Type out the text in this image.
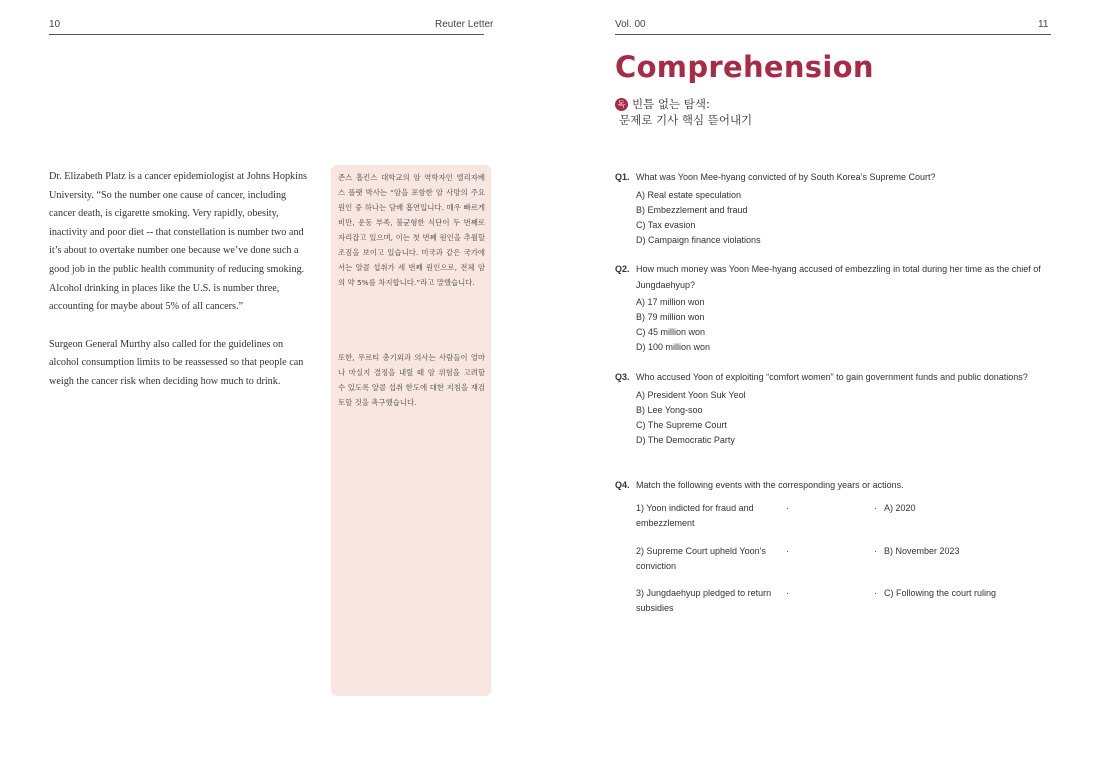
10	Reuter Letter

Dr. Elizabeth Platz is a cancer epidemiologist at Johns Hopkins University. “So the number one cause of cancer, including cancer death, is cigarette smoking. Very rapidly, obesity, inactivity and poor diet -- that constellation is number two and it’s about to overtake number one because we’ve done such a good job in the public health community of reducing smoking. Alcohol drinking in places like the U.S. is number three, accounting for maybe about 5% of all cancers.”

Surgeon General Murthy also called for the guidelines on alcohol consumption limits to be reassessed so that people can weigh the cancer risk when deciding how much to drink.

존스 홉킨스 대학교의 암 역학자인 엘리자베스 플랫 박사는 “암을 포함한 암 사망의 주요 원인 중 하나는 담배 흡연입니다. 매우 빠르게 비만, 운동 부족, 불균형한 식단이 두 번째로 자리잡고 있으며, 이는 첫 번째 원인을 추월할 조짐을 보이고 있습니다. 미국과 같은 국가에서는 알콜 섭취가 세 번째 원인으로, 전체 암의 약 5%를 차지합니다.”라고 말했습니다.
또한, 무르티 총기외과 의사는 사람들이 얼마나 마실지 결정을 내릴 때 암 위험을 고려할 수 있도록 알콜 섭취 한도에 대한 지침을 재검토할 것을 촉구했습니다.
Vol. 00	11
Comprehension
독 빈틈 없는 탐색:
문제로 기사 핵심 뜯어내기
Q1. What was Yoon Mee-hyang convicted of by South Korea’s Supreme Court?
A) Real estate speculation
B) Embezzlement and fraud
C) Tax evasion
D) Campaign finance violations
Q2. How much money was Yoon Mee-hyang accused of embezzling in total during her time as the chief of Jungdaehyup?
A) 17 million won
B) 79 million won
C) 45 million won
D) 100 million won
Q3. Who accused Yoon of exploiting “comfort women” to gain government funds and public donations?
A) President Yoon Suk Yeol
B) Lee Yong-soo
C) The Supreme Court
D) The Democratic Party
Q4. Match the following events with the corresponding years or actions.
1) Yoon indicted for fraud and embezzlement
·	· A) 2020
2) Supreme Court upheld Yoon’s conviction
·	· B) November 2023
3) Jungdaehyup pledged to return subsidies
·	· C) Following the court ruling
